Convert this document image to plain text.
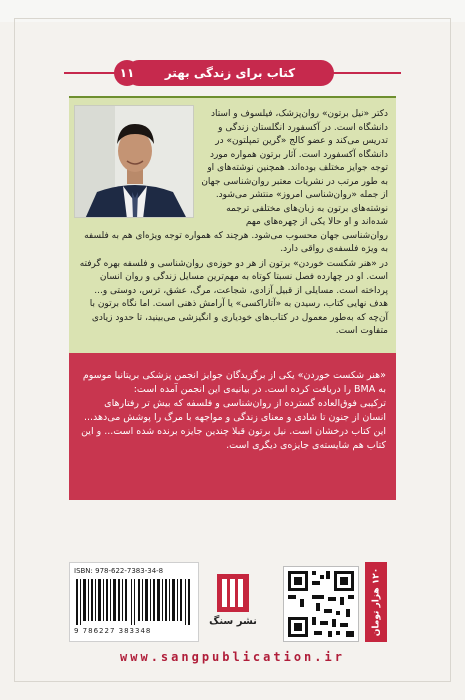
کتاب برای زندگی بهتر
۱۱

دکتر «نیل برتون» روان‌پزشک، فیلسوف و استاد دانشگاه است. در آکسفورد انگلستان زندگی و تدریس می‌کند و عضو کالج «گرین تمپلتون» در دانشگاه آکسفورد است. آثار برتون همواره مورد توجه جوایز مختلف بوده‌اند. همچنین نوشته‌های او به طور مرتب در نشریات معتبر روان‌شناسی جهان از جمله «روان‌شناسی امروز» منتشر می‌شود. نوشته‌های برتون به زبان‌های مختلفی ترجمه شده‌اند و او حالا یکی از چهره‌های مهم روان‌شناسی جهان محسوب می‌شود. هرچند که همواره توجه ویژه‌ای هم به فلسفه به ویژه فلسفه‌ی رواقی دارد.

در «هنر شکست خوردن» برتون از هر دو حوزه‌ی روان‌شناسی و فلسفه بهره گرفته است. او در چهارده فصل نسبتا کوتاه به مهم‌ترین مسایل زندگی و روان انسان پرداخته است. مسایلی از قبیل آزادی، شجاعت، مرگ، عشق، ترس، دوستی و... هدف نهایی کتاب، رسیدن به «آتاراکسی» یا آرامش ذهنی است. اما نگاه برتون با آن‌چه که به‌طور معمول در کتاب‌های خودیاری و انگیزشی می‌بینید، تا حدود زیادی متفاوت است.

«هنر شکست خوردن» یکی از برگزیدگان جوایز انجمن پزشکی بریتانیا موسوم به BMA را دریافت کرده است. در بیانیه‌ی این انجمن آمده است:

ترکیبی فوق‌العاده گسترده از روان‌شناسی و فلسفه که بیش تر رفتارهای انسان از جنون تا شادی و معنای زندگی و مواجهه با مرگ را پوشش می‌دهد... این کتاب درخشان است. نیل برتون قبلا چندین جایزه برنده شده است... و این کتاب هم شایسته‌ی جایزه‌ی دیگری است.

ISBN: 978-622-7383-34-8
9 786227 383348
نشر سنگ	۱۲۰ هزار تومان
www.sangpublication.ir
